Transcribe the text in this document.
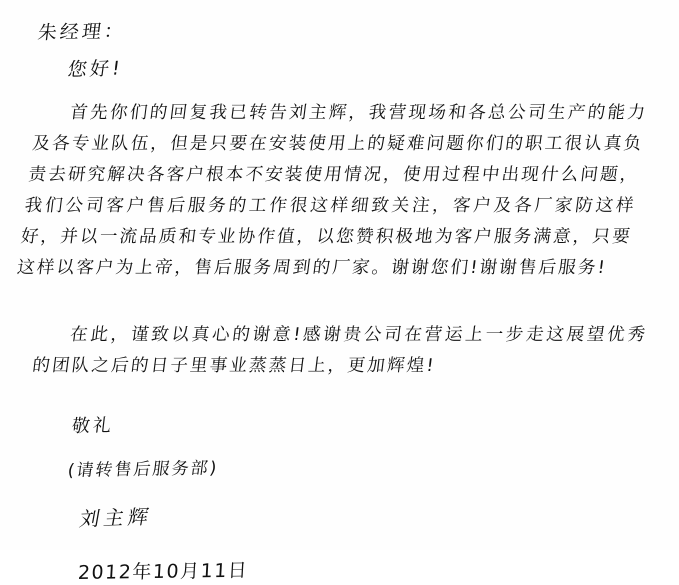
朱经理：
您好!

首先你们的回复我已转告刘主辉，我营现场和各总公司生产的能力及各专业队伍，但是只要在安装使用上的疑难问题你们的职工很认真负责去研究解决各客户根本不安装使用情况，使用过程中出现什么问题，我们公司客户售后服务的工作很这样细致关注，客户及各厂家防这样好，并以一流品质和专业协作值，以您赞积极地为客户服务满意，只要这样以客户为上帝，售后服务周到的厂家。谢谢您们!谢谢售后服务!

在此，谨致以真心的谢意!感谢贵公司在营运上一步走这展望优秀的团队之后的日子里事业蒸蒸日上，更加辉煌!

敬礼
(请转售后服务部)
刘主辉
2012年10月11日
